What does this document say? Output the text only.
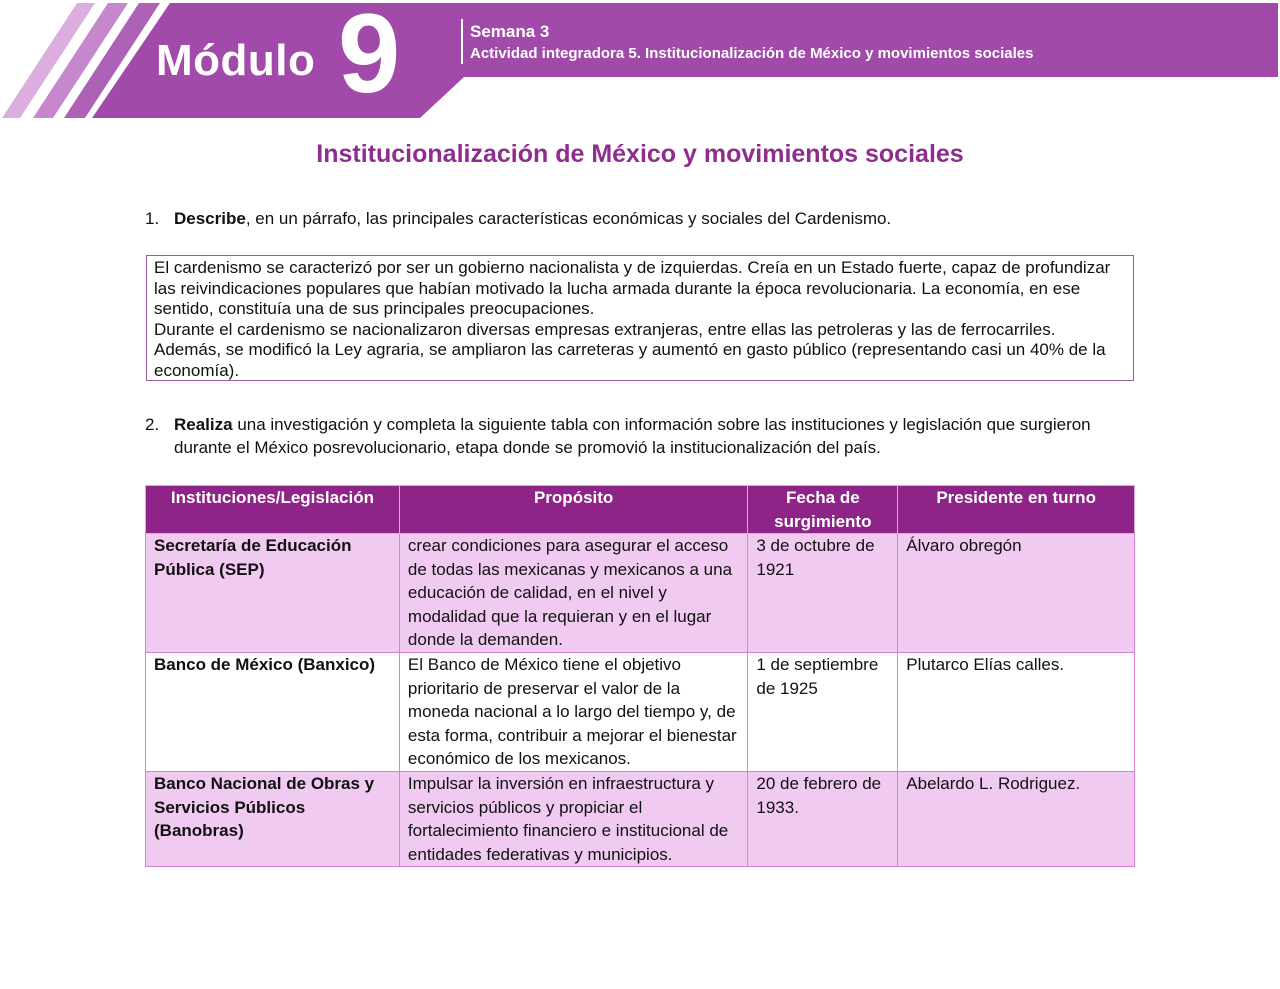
Módulo 9	Semana 3
Actividad integradora 5. Institucionalización de México y movimientos sociales
Institucionalización de México y movimientos sociales
1. Describe, en un párrafo, las principales características económicas y sociales del Cardenismo.

El cardenismo se caracterizó por ser un gobierno nacionalista y de izquierdas. Creía en un Estado fuerte, capaz de profundizar las reivindicaciones populares que habían motivado la lucha armada durante la época revolucionaria. La economía, en ese sentido, constituía una de sus principales preocupaciones.

Durante el cardenismo se nacionalizaron diversas empresas extranjeras, entre ellas las petroleras y las de ferrocarriles. Además, se modificó la Ley agraria, se ampliaron las carreteras y aumentó en gasto público (representando casi un 40% de la economía).

2. Realiza una investigación y completa la siguiente tabla con información sobre las instituciones y legislación que surgieron durante el México posrevolucionario, etapa donde se promovió la institucionalización del país.
Instituciones/Legislación	Propósito	Fecha de surgimiento	Presidente en turno
Secretaría de Educación Pública (SEP)	crear condiciones para asegurar el acceso de todas las mexicanas y mexicanos a una educación de calidad, en el nivel y modalidad que la requieran y en el lugar donde la demanden.	3 de octubre de 1921	Álvaro obregón
Banco de México (Banxico)	El Banco de México tiene el objetivo prioritario de preservar el valor de la moneda nacional a lo largo del tiempo y, de esta forma, contribuir a mejorar el bienestar económico de los mexicanos.	1 de septiembre de 1925	Plutarco Elías calles.
Banco Nacional de Obras y Servicios Públicos (Banobras)	Impulsar la inversión en infraestructura y servicios públicos y propiciar el fortalecimiento financiero e institucional de entidades federativas y municipios.	20 de febrero de 1933.	Abelardo L. Rodriguez.
